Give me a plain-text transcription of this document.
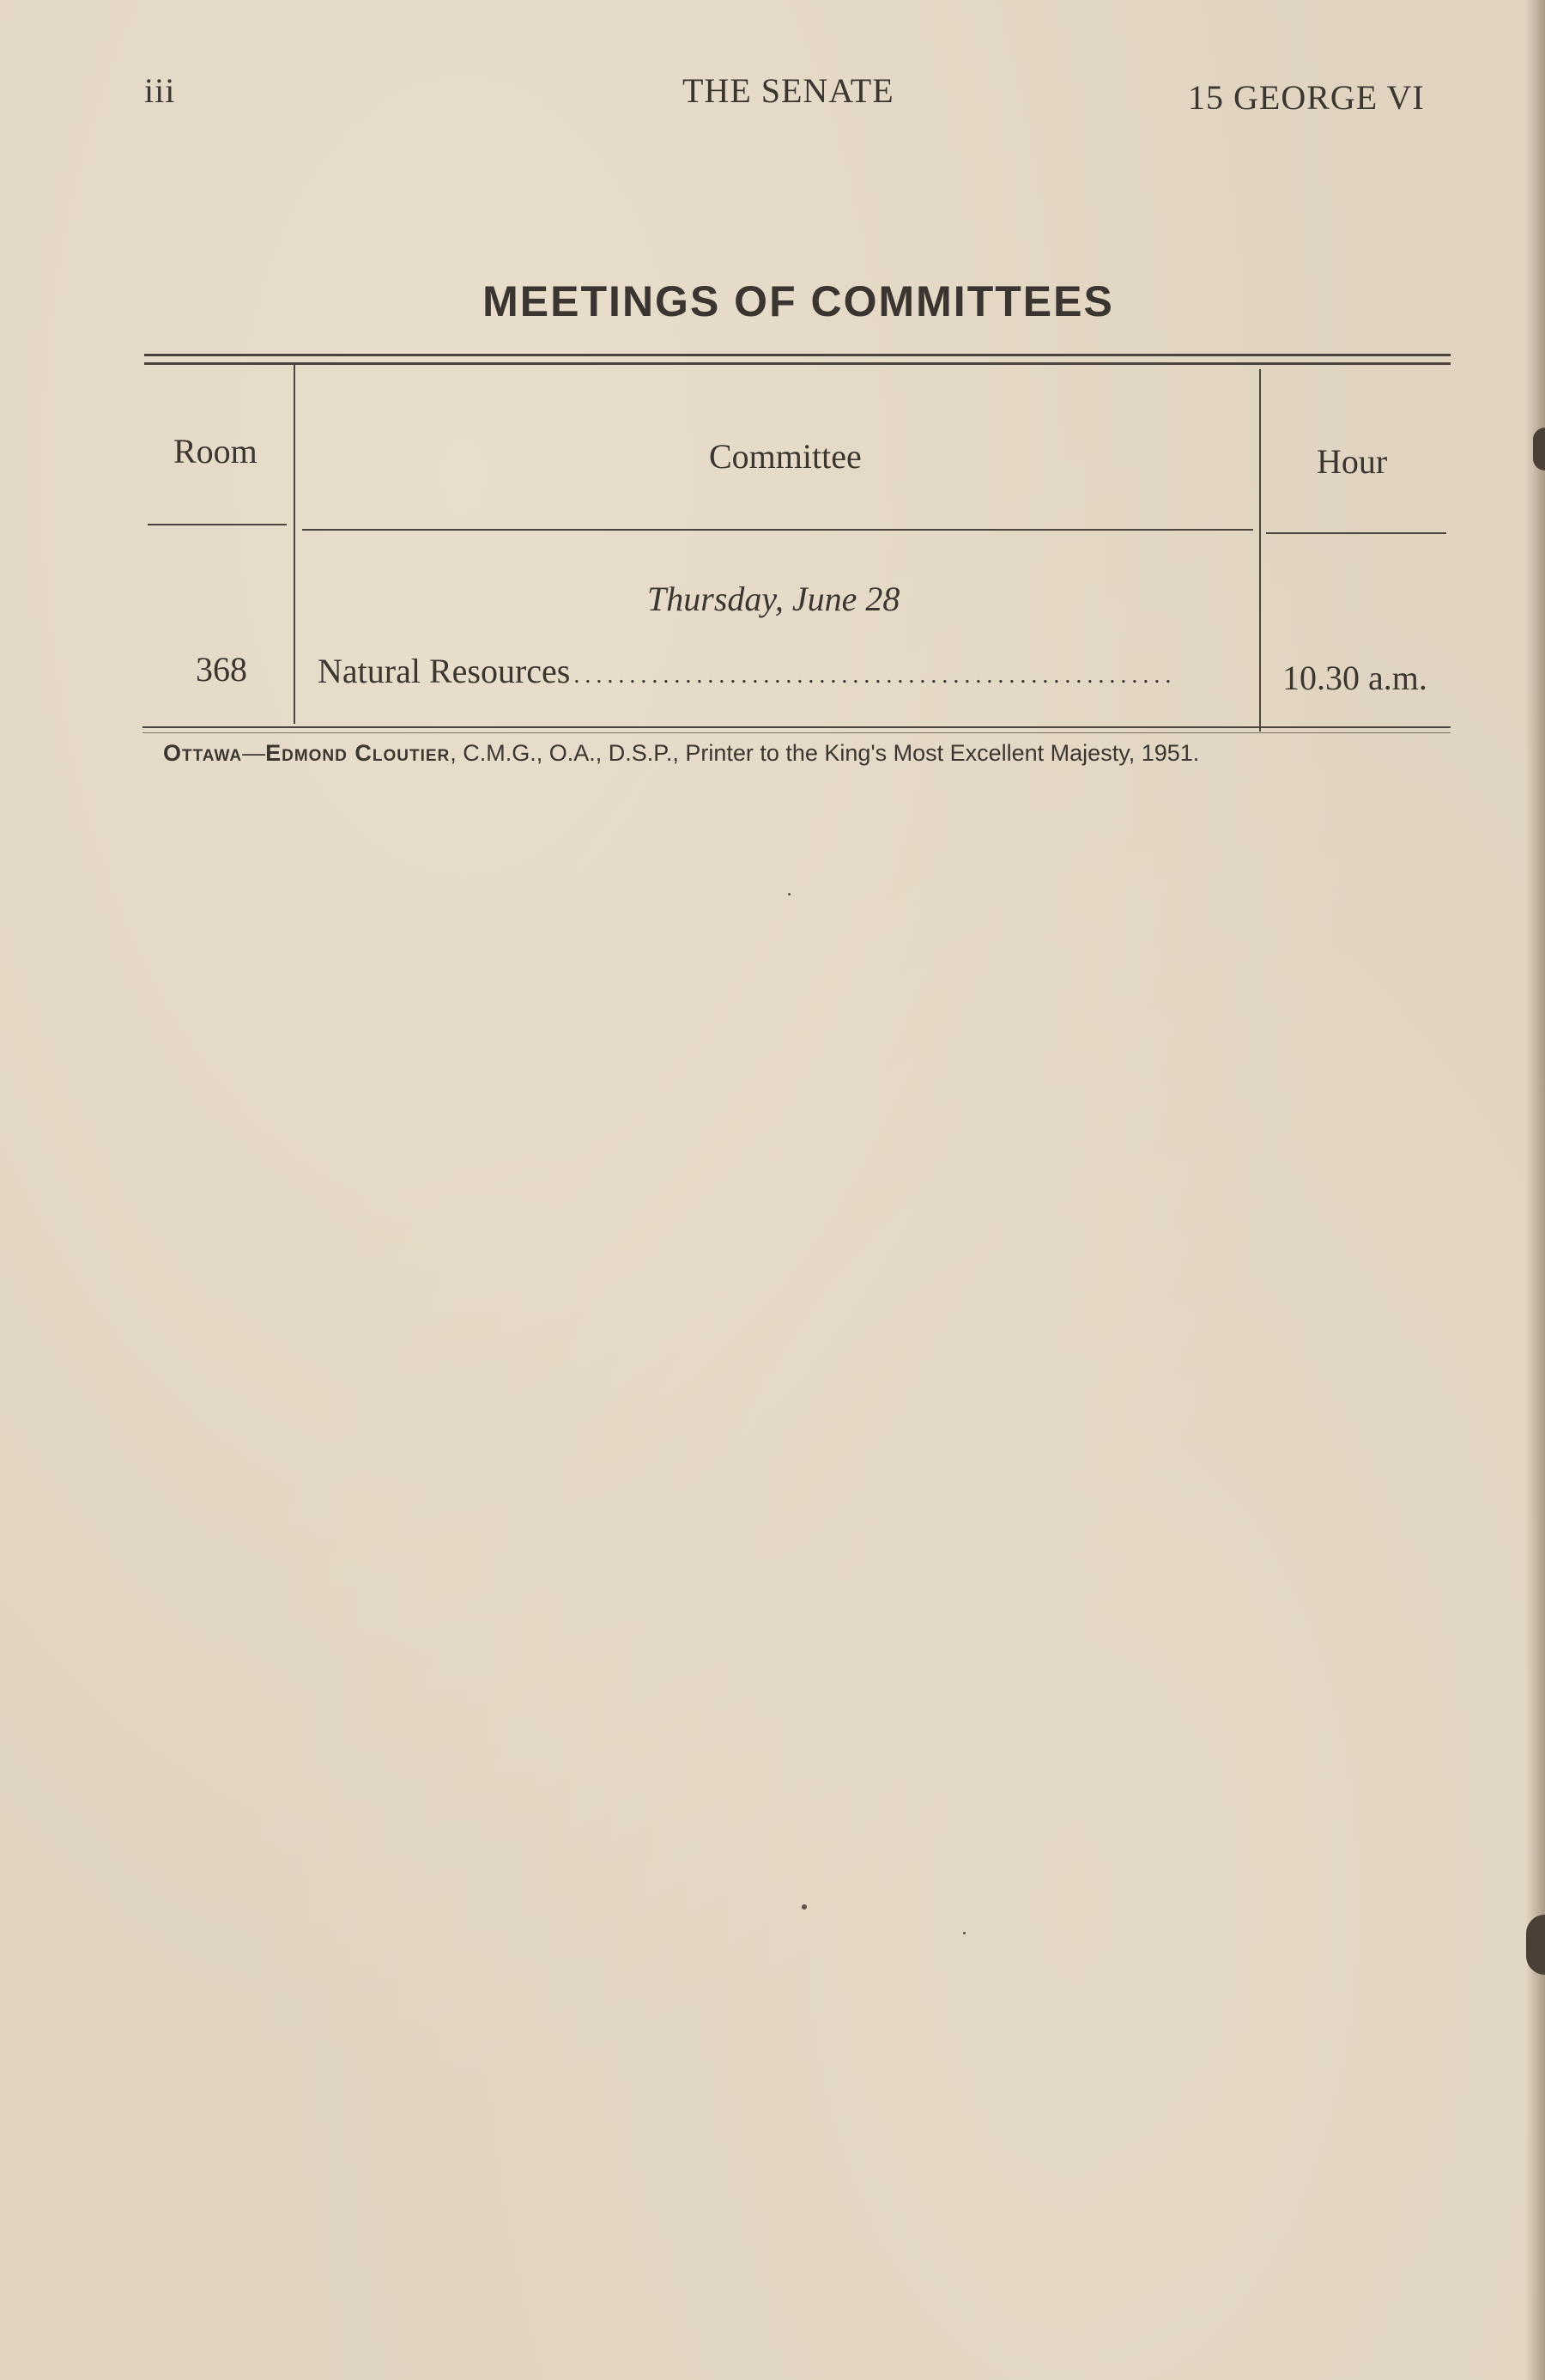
iii	THE SENATE	15 GEORGE VI
MEETINGS OF COMMITTEES
Room	Committee	Hour
Thursday, June 28
368 Natural Resources ......................................................	10.30 a.m.
Ottawa—Edmond Cloutier, C.M.G., O.A., D.S.P., Printer to the King's Most Excellent Majesty, 1951.
